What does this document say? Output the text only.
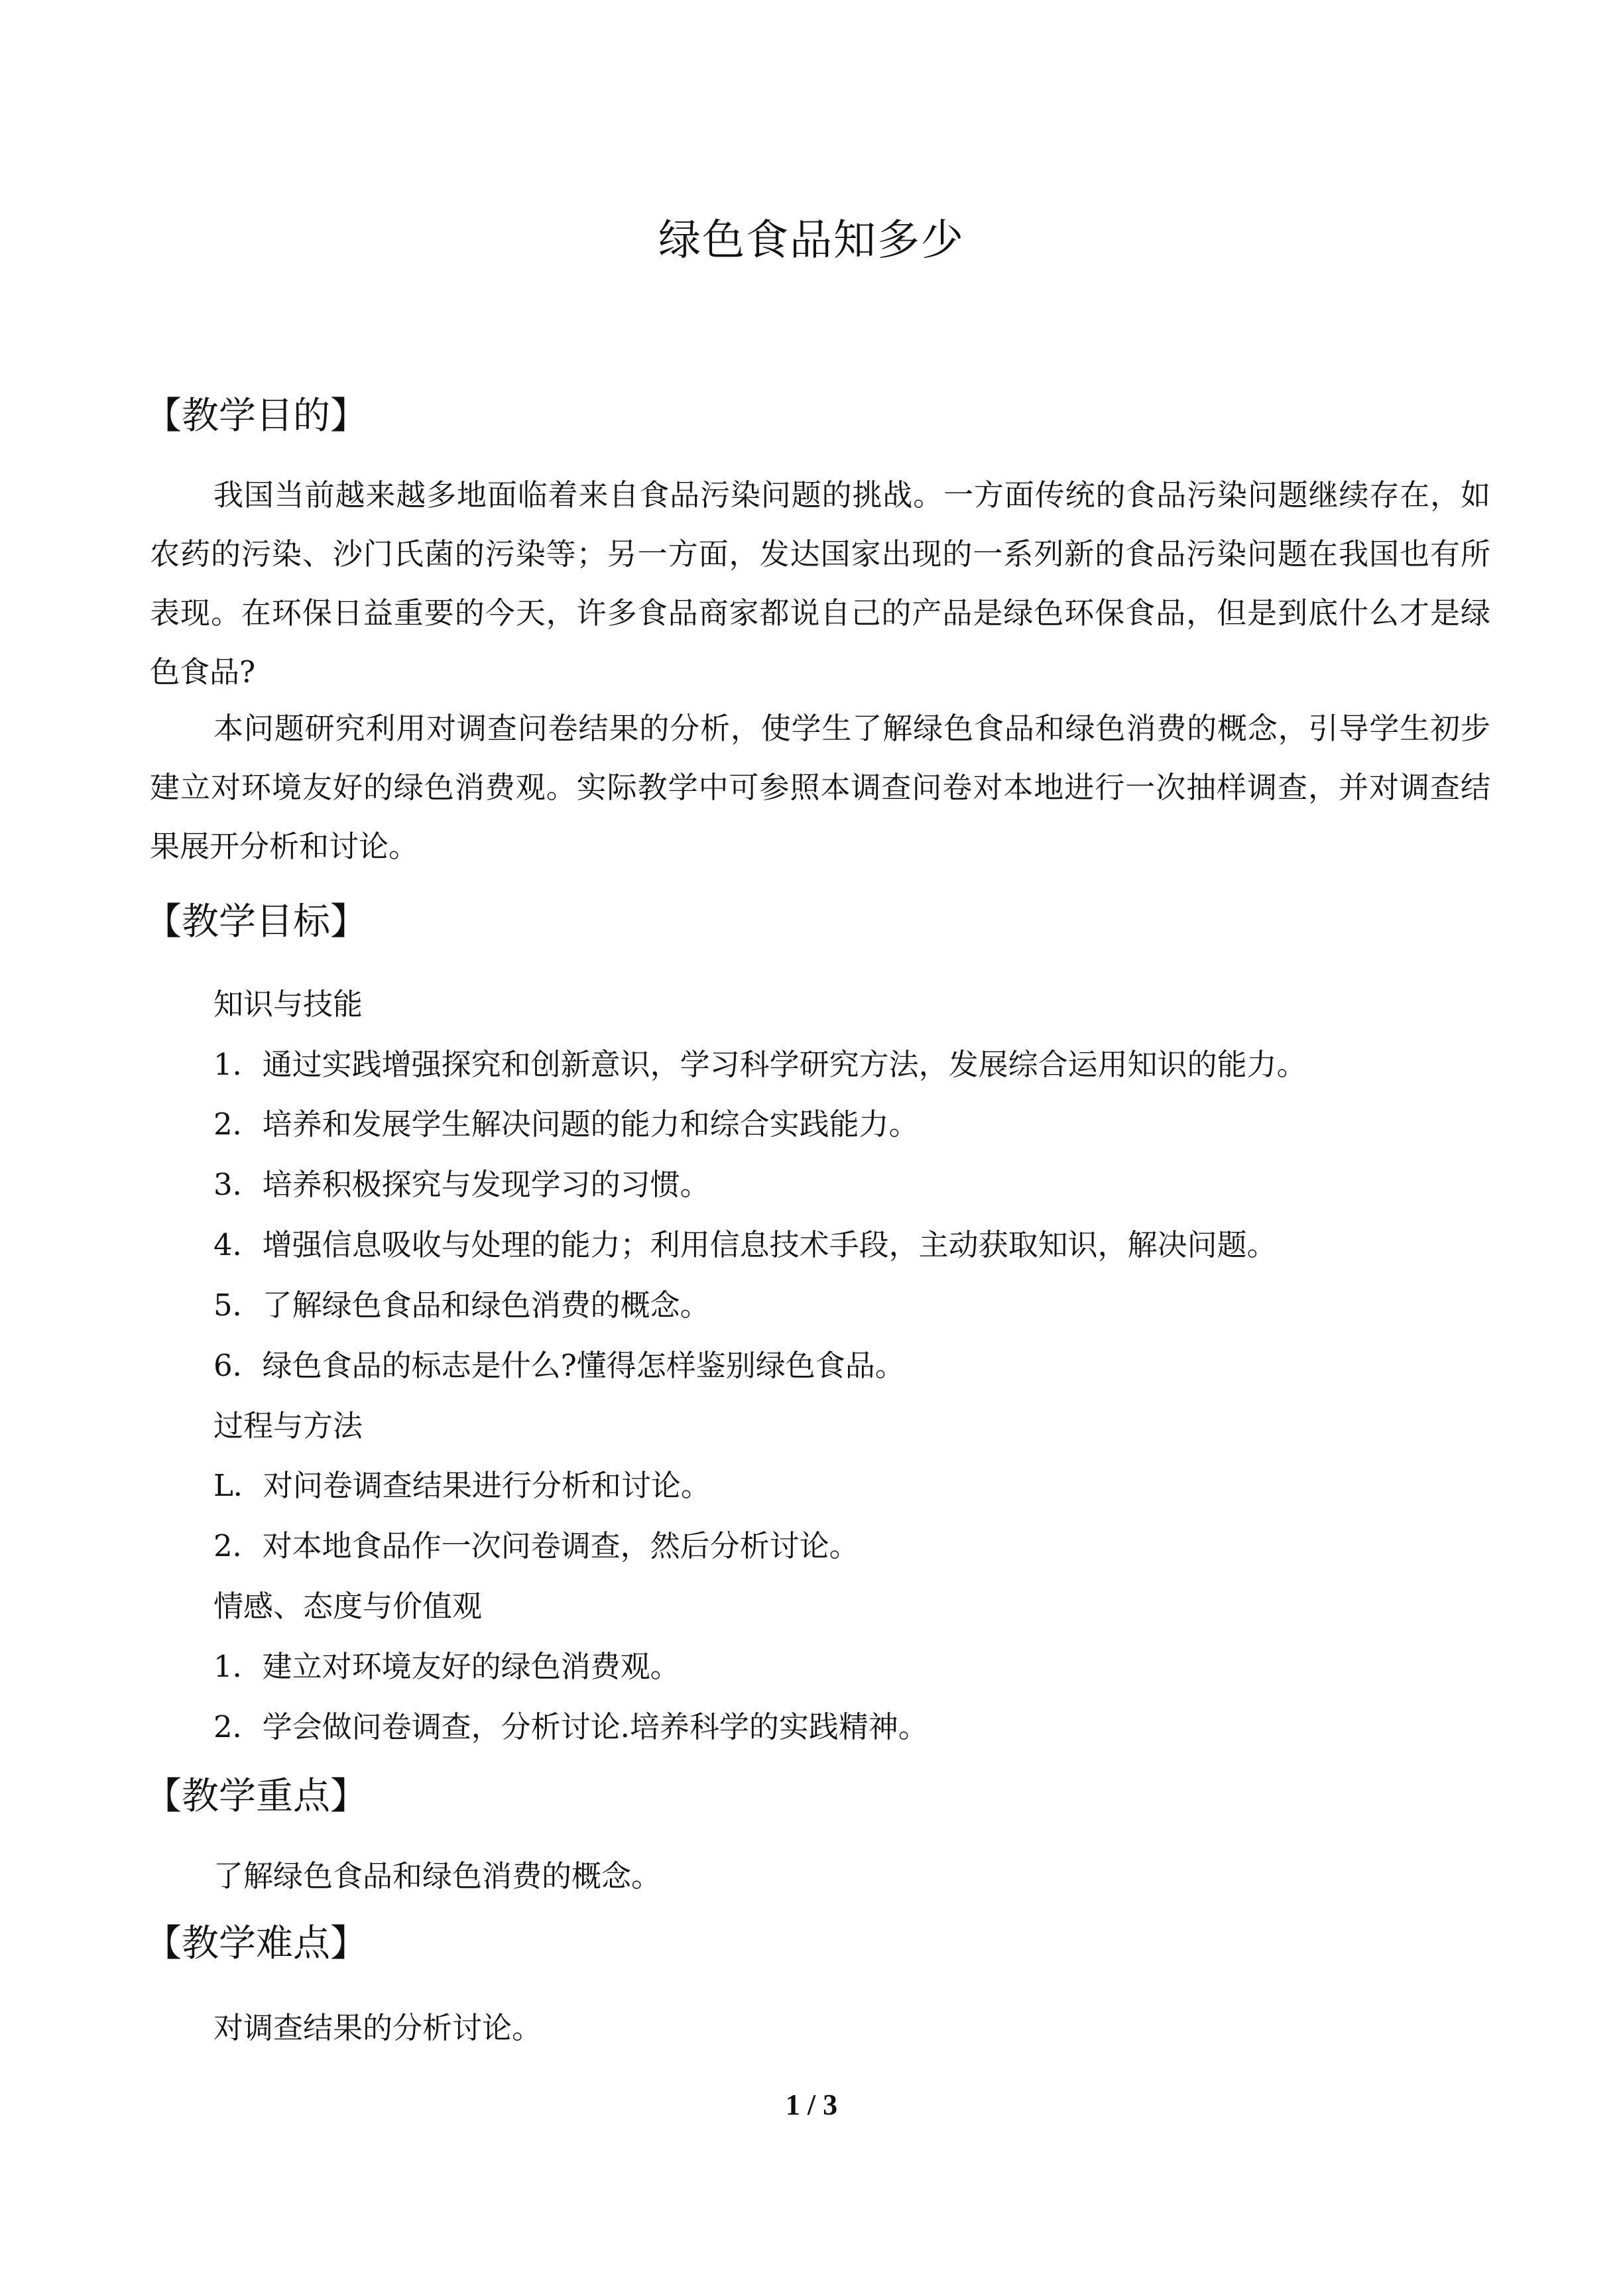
绿色食品知多少
【教学目的】
我国当前越来越多地面临着来自食品污染问题的挑战。一方面传统的食品污染问题继续存在，如农药的污染、沙门氏菌的污染等；另一方面，发达国家出现的一系列新的食品污染问题在我国也有所表现。在环保日益重要的今天，许多食品商家都说自己的产品是绿色环保食品，但是到底什么才是绿色食品?
本问题研究利用对调查问卷结果的分析，使学生了解绿色食品和绿色消费的概念，引导学生初步建立对环境友好的绿色消费观。实际教学中可参照本调查问卷对本地进行一次抽样调查，并对调查结果展开分析和讨论。
【教学目标】
知识与技能
1．通过实践增强探究和创新意识，学习科学研究方法，发展综合运用知识的能力。
2．培养和发展学生解决问题的能力和综合实践能力。
3．培养积极探究与发现学习的习惯。
4．增强信息吸收与处理的能力；利用信息技术手段，主动获取知识，解决问题。
5．了解绿色食品和绿色消费的概念。
6．绿色食品的标志是什么?懂得怎样鉴别绿色食品。
过程与方法
L．对问卷调查结果进行分析和讨论。
2．对本地食品作一次问卷调查，然后分析讨论。
情感、态度与价值观
1．建立对环境友好的绿色消费观。
2．学会做问卷调查，分析讨论.培养科学的实践精神。
【教学重点】
了解绿色食品和绿色消费的概念。
【教学难点】
对调查结果的分析讨论。
1 / 3
